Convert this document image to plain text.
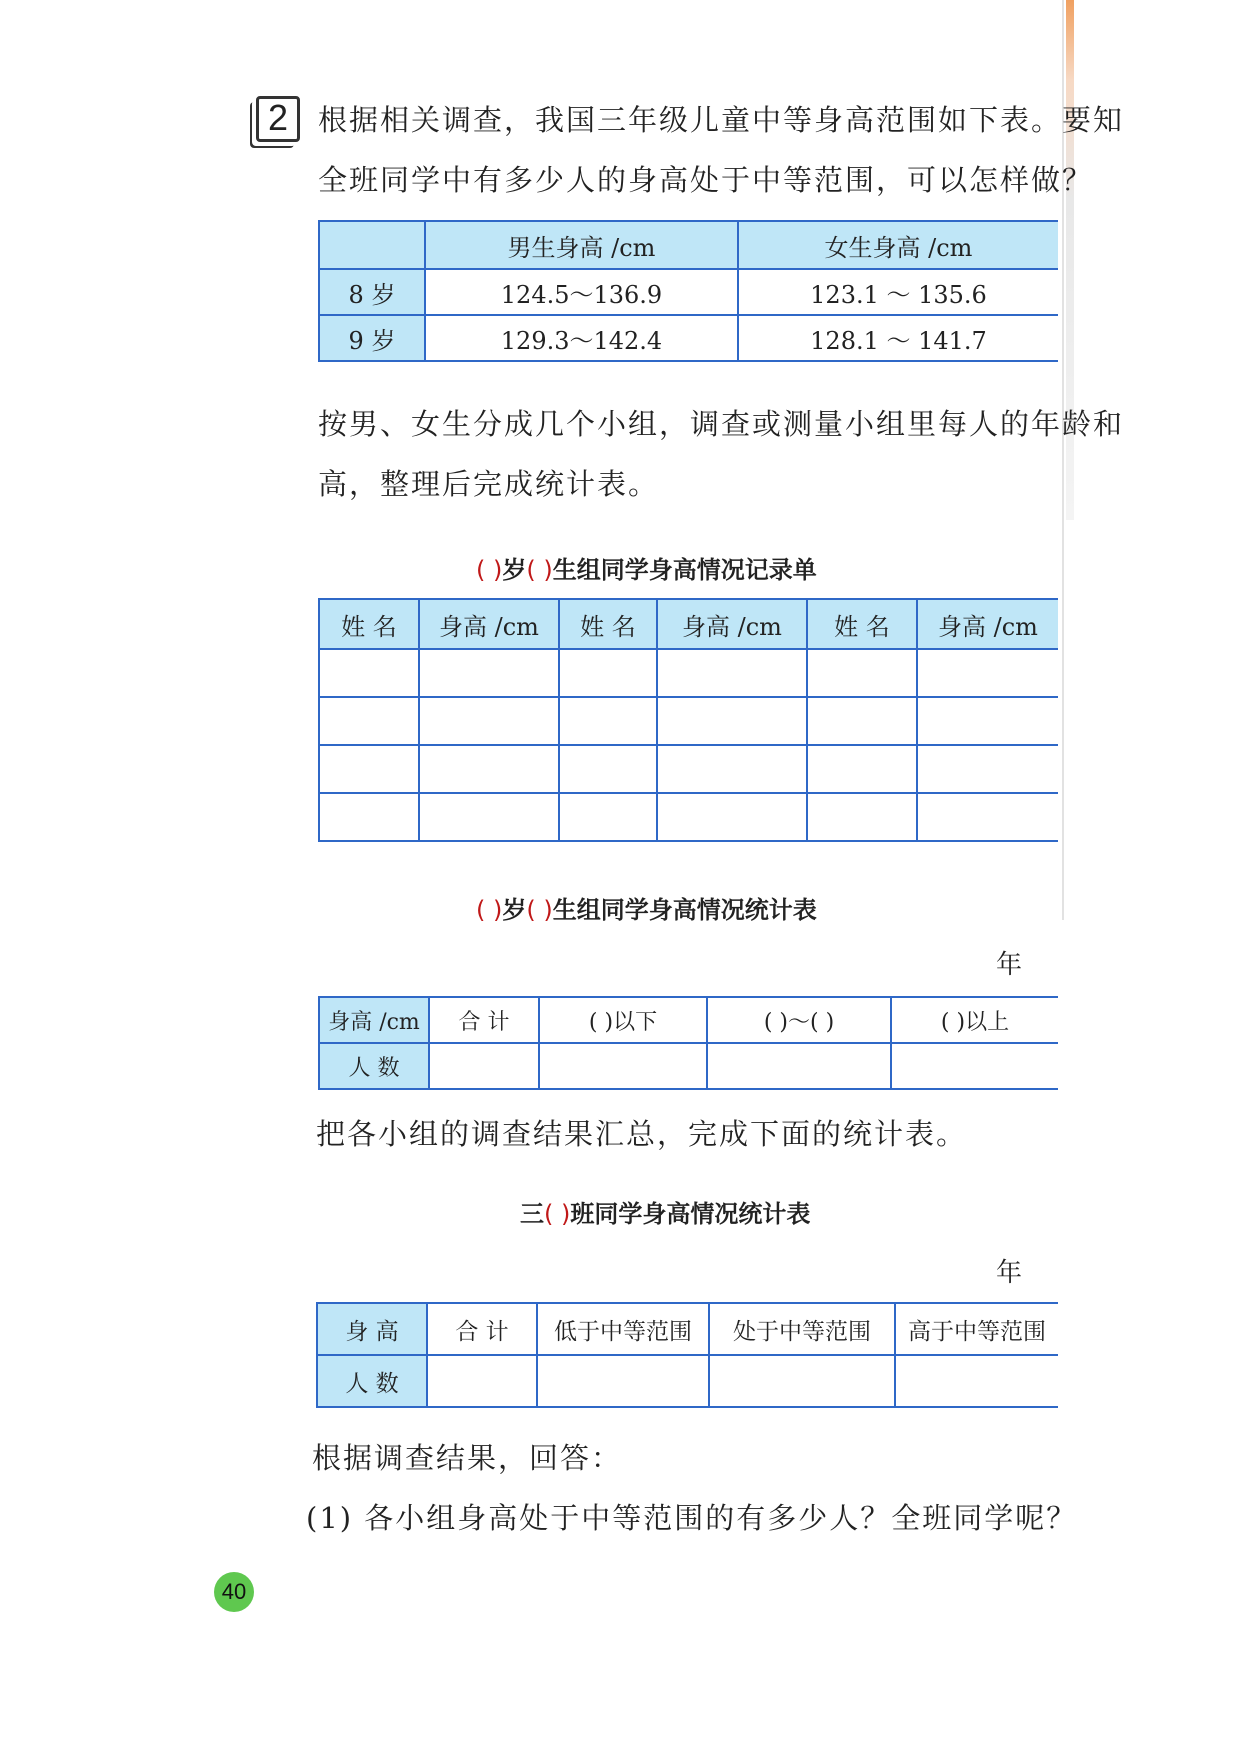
2	根据相关调查，我国三年级儿童中等身高范围如下表。要知
全班同学中有多少人的身高处于中等范围，可以怎样做？
	男生身高 /cm	女生身高 /cm
8 岁	124.5～136.9	123.1 ～ 135.6
9 岁	129.3～142.4	128.1 ～ 141.7
按男、女生分成几个小组，调查或测量小组里每人的年龄和
高，整理后完成统计表。
( )岁( )生组同学身高情况记录单
姓 名	身高 /cm	姓 名	身高 /cm	姓 名	身高 /cm

( )岁( )生组同学身高情况统计表
年
身高 /cm	合 计	( )以下	( )～( )	( )以上
人 数				
把各小组的调查结果汇总，完成下面的统计表。
三( )班同学身高情况统计表
年
身 高	合 计	低于中等范围	处于中等范围	高于中等范围
人 数				
根据调查结果，回答：
(1) 各小组身高处于中等范围的有多少人？全班同学呢？
40
